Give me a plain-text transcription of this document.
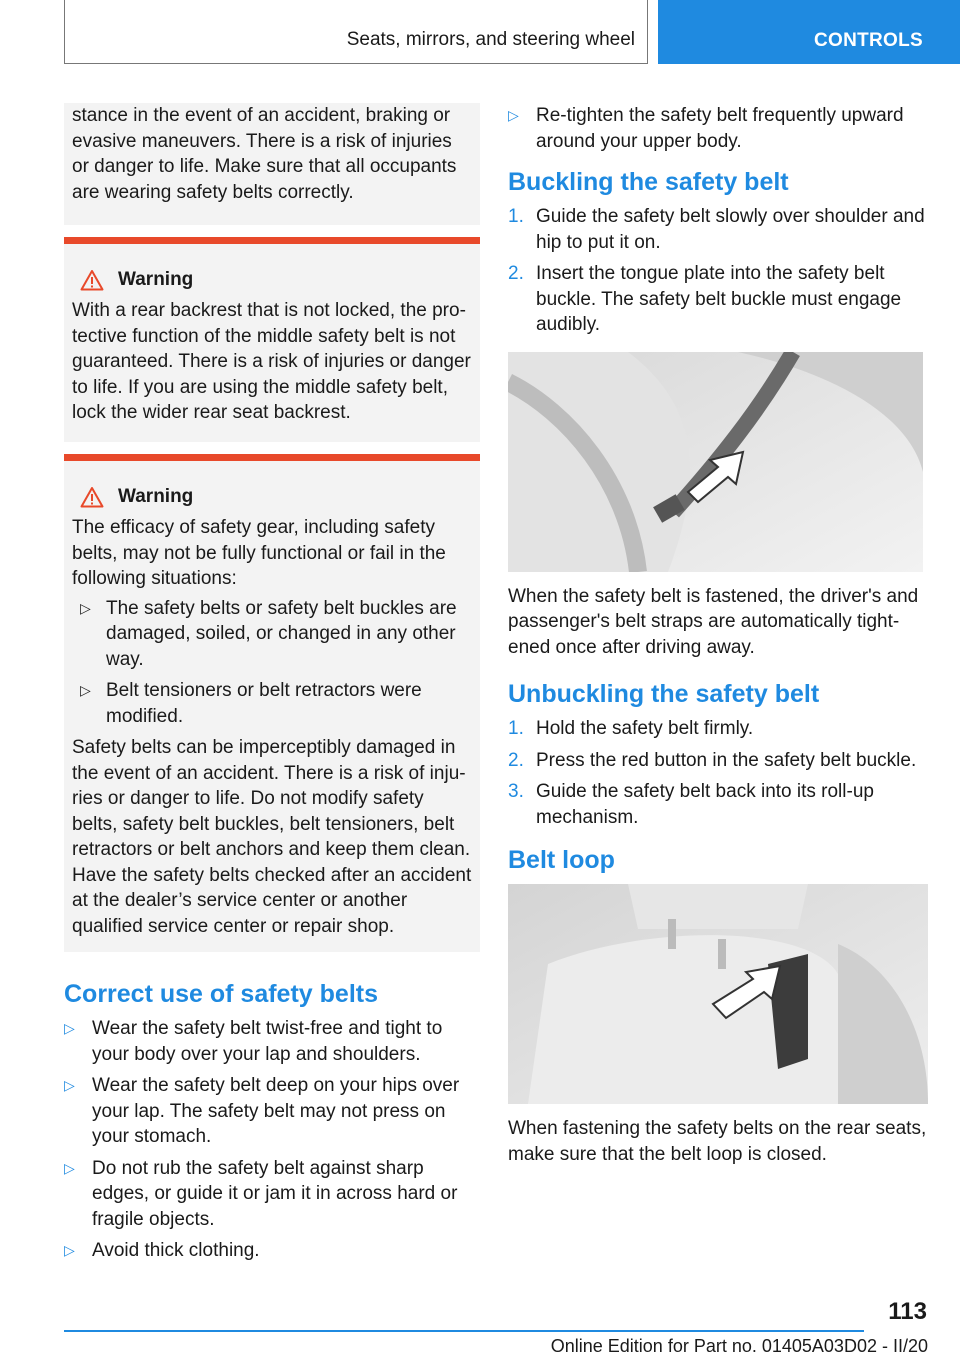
Seats, mirrors, and steering wheel	CONTROLS

stance in the event of an accident, braking or evasive maneuvers. There is a risk of injuries or danger to life. Make sure that all occupants are wearing safety belts correctly.

Warning

With a rear backrest that is not locked, the protective function of the middle safety belt is not guaranteed. There is a risk of injuries or danger to life. If you are using the middle safety belt, lock the wider rear seat backrest.

Warning

The efficacy of safety gear, including safety belts, may not be fully functional or fail in the following situations:

▷ The safety belts or safety belt buckles are damaged, soiled, or changed in any other way.
▷ Belt tensioners or belt retractors were modified.

Safety belts can be imperceptibly damaged in the event of an accident. There is a risk of injuries or danger to life. Do not modify safety belts, safety belt buckles, belt tensioners, belt retractors or belt anchors and keep them clean. Have the safety belts checked after an accident at the dealer’s service center or another qualified service center or repair shop.

Correct use of safety belts
▷ Wear the safety belt twist-free and tight to your body over your lap and shoulders.
▷ Wear the safety belt deep on your hips over your lap. The safety belt may not press on your stomach.
▷ Do not rub the safety belt against sharp edges, or guide it or jam it in across hard or fragile objects.
▷ Avoid thick clothing.
▷ Re-tighten the safety belt frequently upward around your upper body.
Buckling the safety belt
1. Guide the safety belt slowly over shoulder and hip to put it on.
2. Insert the tongue plate into the safety belt buckle. The safety belt buckle must engage audibly.

When the safety belt is fastened, the driver's and passenger's belt straps are automatically tightened once after driving away.

Unbuckling the safety belt
1. Hold the safety belt firmly.
2. Press the red button in the safety belt buckle.
3. Guide the safety belt back into its roll-up mechanism.
Belt loop

When fastening the safety belts on the rear seats, make sure that the belt loop is closed.

113
Online Edition for Part no. 01405A03D02 - II/20
